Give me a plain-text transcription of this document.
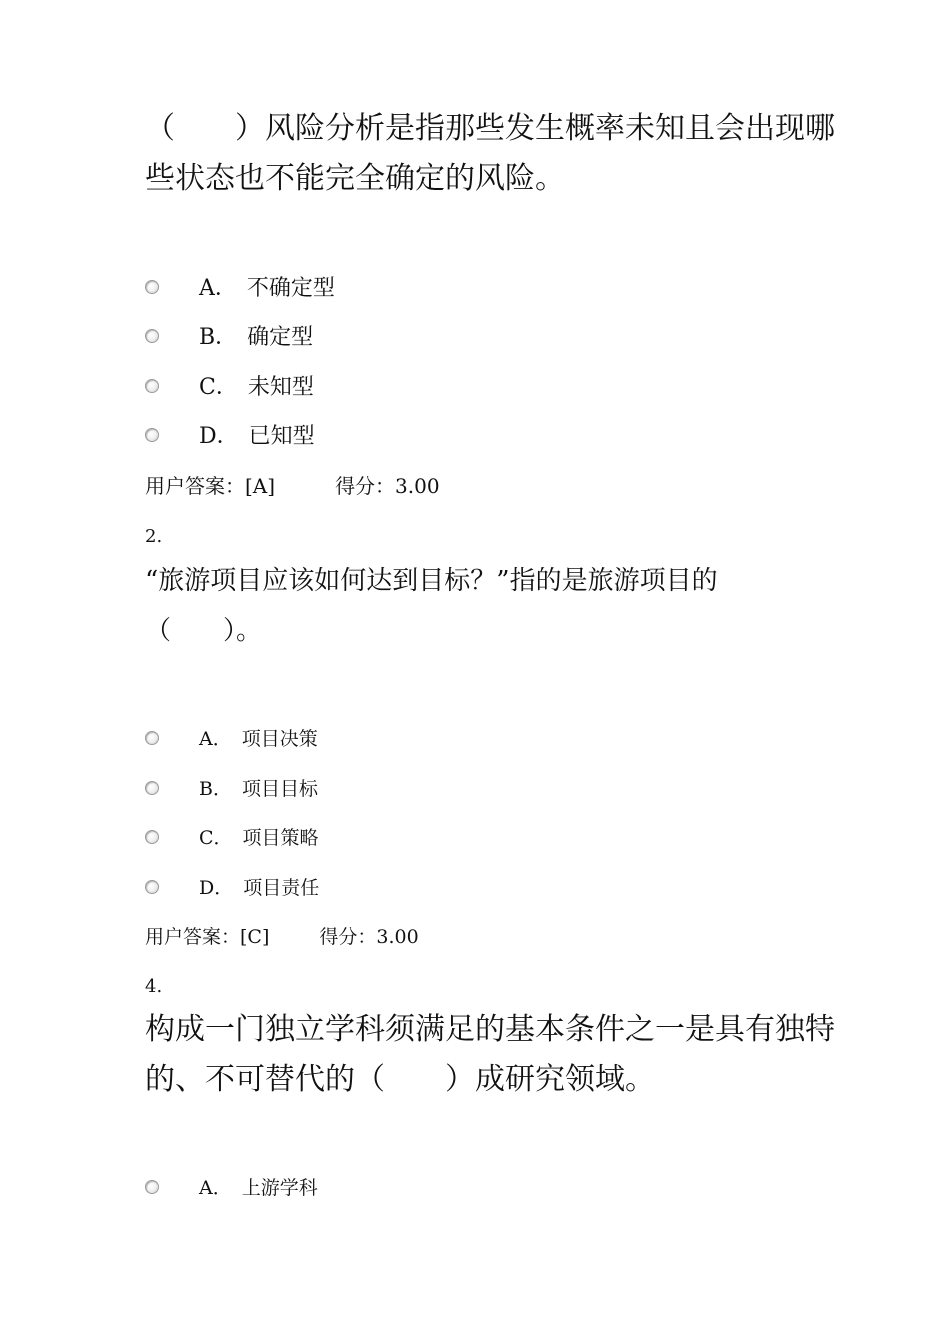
（　　）风险分析是指那些发生概率未知且会出现哪些状态也不能完全确定的风险。
A． 不确定型
B． 确定型
C． 未知型
D． 已知型
用户答案：[A]	得分：3.00
2.
“旅游项目应该如何达到目标？”指的是旅游项目的（　　）。
A． 项目决策
B． 项目目标
C． 项目策略
D． 项目责任
用户答案：[C]	得分：3.00
4.
构成一门独立学科须满足的基本条件之一是具有独特的、不可替代的（　　）成研究领域。
A． 上游学科
